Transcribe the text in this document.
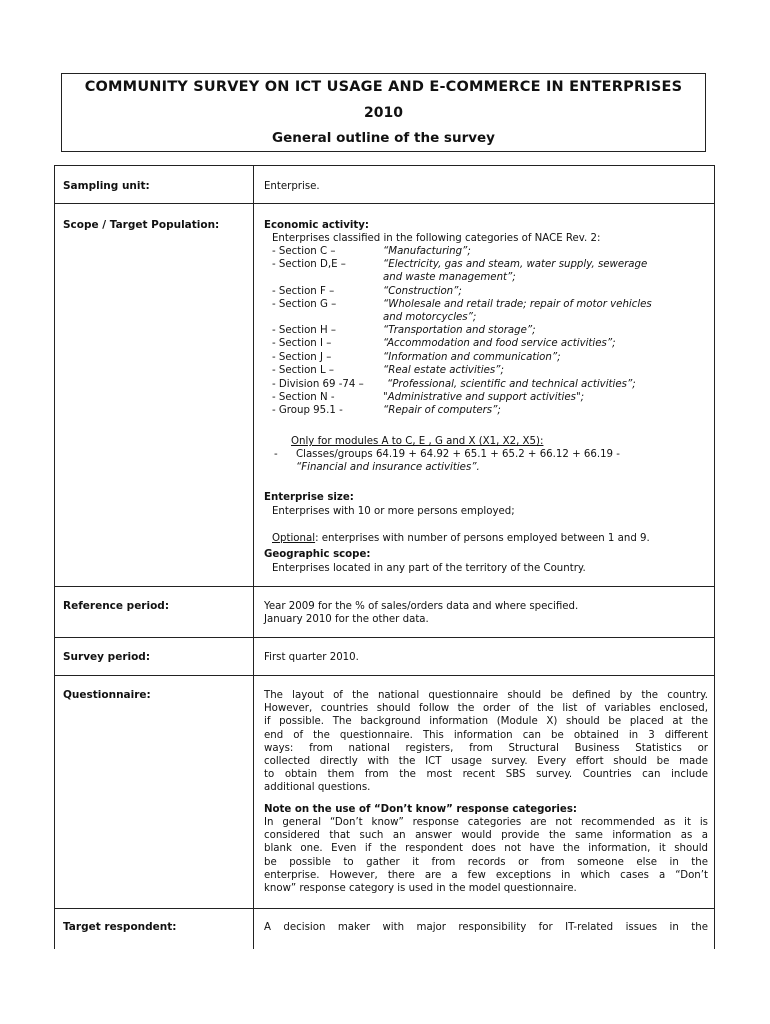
COMMUNITY SURVEY ON ICT USAGE AND E-COMMERCE IN ENTERPRISES
2010
General outline of the survey
Sampling unit:	Enterprise.
Scope / Target Population:	Economic activity:
Enterprises classified in the following categories of NACE Rev. 2:
- Section C –	“Manufacturing”;
- Section D,E –	“Electricity, gas and steam, water supply, sewerage
and waste management”;
- Section F –	“Construction”;
- Section G –	“Wholesale and retail trade; repair of motor vehicles
and motorcycles”;
- Section H –	“Transportation and storage”;
- Section I –	“Accommodation and food service activities”;
- Section J –	“Information and communication”;
- Section L –	“Real estate activities”;
- Division 69 -74 – “Professional, scientific and technical activities”;
- Section N -	"Administrative and support activities";
- Group 95.1 -	“Repair of computers”;
Only for modules A to C, E , G and X (X1, X2, X5):
- Classes/groups 64.19 + 64.92 + 65.1 + 65.2 + 66.12 + 66.19 -
“Financial and insurance activities”.
Enterprise size:
Enterprises with 10 or more persons employed;
Optional: enterprises with number of persons employed between 1 and 9.
Geographic scope:
Enterprises located in any part of the territory of the Country.
Reference period:	Year 2009 for the % of sales/orders data and where specified.
January 2010 for the other data.
Survey period:	First quarter 2010.
Questionnaire:	The layout of the national questionnaire should be defined by the country.
However, countries should follow the order of the list of variables enclosed,
if possible. The background information (Module X) should be placed at the
end of the questionnaire. This information can be obtained in 3 different
ways: from national registers, from Structural Business Statistics or
collected directly with the ICT usage survey. Every effort should be made
to obtain them from the most recent SBS survey. Countries can include
additional questions.
Note on the use of “Don’t know” response categories:
In general “Don’t know” response categories are not recommended as it is
considered that such an answer would provide the same information as a
blank one. Even if the respondent does not have the information, it should
be possible to gather it from records or from someone else in the
enterprise. However, there are a few exceptions in which cases a “Don’t
know” response category is used in the model questionnaire.
Target respondent:	A decision maker with major responsibility for IT-related issues in the
